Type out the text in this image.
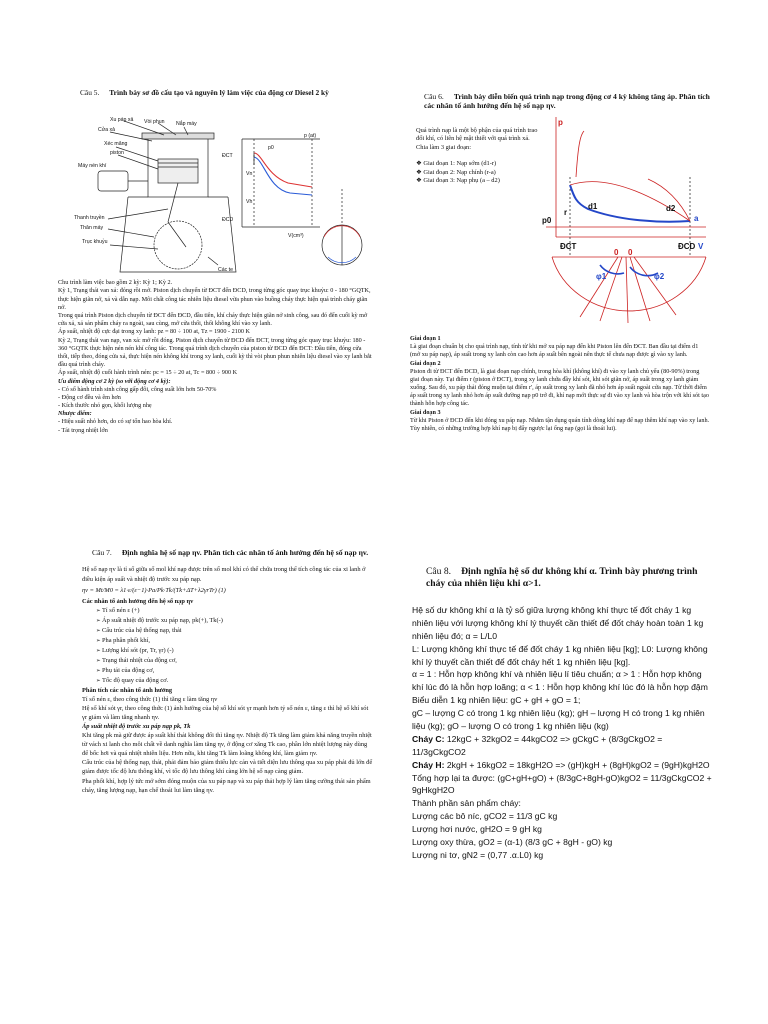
Câu 5. Trình bày sơ đồ cấu tạo và nguyên lý làm việc của động cơ Diesel 2 kỳ
Xu páp xả
Cửa xả
Vòi phun Nắp máy
Xéc măng
piston
Máy nén khí
Thanh truyền
Thân máy
Trục khuỷu
Các te
ĐCT
ĐCD
V(cm³)
p (at)
Vn
Vh
p0

Chu trình làm việc bao gồm 2 kỳ: Kỳ 1; Kỳ 2.

Kỳ 1, Trạng thái van xả: đóng rồi mở. Piston dịch chuyển từ ĐCT đến ĐCD, trong từng góc quay trục khuỷu: 0 - 180 °GQTK, thực hiện giãn nở, xả và dẫn nạp. Môi chất công tác nhiên liệu diesel vừa phun vào buồng cháy thực hiện quá trình cháy giãn nở.

Trong quá trình Piston dịch chuyển từ ĐCT đến ĐCD, đầu tiên, khí cháy thực hiện giãn nở sinh công, sau đó đến cuối kỳ mở cửa xả, xả sản phẩm cháy ra ngoài, sau cùng, mở cửa thổi, thổi không khí vào xy lanh.

Áp suất, nhiệt độ cực đại trong xy lanh: pz = 80 ÷ 100 at, Tz = 1900 - 2100 K

Kỳ 2, Trạng thái van nạp, van xả: mở rồi đóng. Piston dịch chuyển từ ĐCD đến ĐCT, trong từng góc quay trục khuỷu: 180 - 360 °GQTK thực hiện nén nén khí công tác. Trong quá trình dịch chuyển của piston từ ĐCD đến ĐCT: Đầu tiên, đóng cửa thổi, tiếp theo, đóng cửa xả, thực hiện nén không khí trong xy lanh, cuối kỳ thì vòi phun phun nhiên liệu diesel vào xy lanh bắt đầu quá trình cháy.

Áp suất, nhiệt độ cuối hành trình nén: pc = 15 ÷ 20 at, Tc = 800 ÷ 900 K

Ưu điểm động cơ 2 kỳ (so với động cơ 4 kỳ):

- Có số hành trình sinh công gấp đôi, công suất lớn hơn 50-70%

- Động cơ đều và êm hơn

- Kích thước nhỏ gọn, khối lượng nhẹ

Nhược điểm:

- Hiệu suất nhỏ hơn, do có sự tổn hao hòa khí.

- Tải trọng nhiệt lớn

Câu 6. Trình bày diễn biến quá trình nạp trong động cơ 4 kỳ không tăng áp. Phân tích các nhân tố ảnh hưởng đến hệ số nạp ηv.

Quá trình nạp là một bộ phận của quá trình trao đổi khí, có liên hệ mật thiết với quá trình xả. Chia làm 3 giai đoạn:

❖ Giai đoạn 1: Nạp sớm (d1-r)

❖ Giai đoạn 2: Nạp chính (r-a)

❖ Giai đoạn 3: Nạp phụ (a – d2)

p
V
p0
r
d1	d2
a
ĐCT	ĐCD
0 0
φ1	φ2

Giai đoạn 1

Là giai đoạn chuẩn bị cho quá trình nạp, tính từ khi mở xu páp nạp đến khi Piston lên đến ĐCT. Ban đầu tại điểm d1 (mở xu páp nạp), áp suất trong xy lanh còn cao hơn áp suất bên ngoài nên thực tế chưa nạp được gì vào xy lanh.

Giai đoạn 2

Piston đi từ ĐCT đến ĐCD, là giai đoạn nạp chính, trong hòa khí (không khí) đi vào xy lanh chủ yếu (80-90%) trong giai đoạn này. Tại điểm r (piston ở ĐCT), trong xy lanh chứa đầy khí sót, khi sót giãn nở, áp suất trong xy lanh giảm xuống. Sau đó, xu páp thải đóng muộn tại điểm r', áp suất trong xy lanh đã nhỏ hơn áp suất ngoài cửa nạp. Từ thời điểm áp suất trong xy lanh nhỏ hơn áp suất đường nạp p0 trở đi, khí nạp mới thực sự đi vào xy lanh và hòa trộn với khí sót tạo thành hỗn hợp công tác.

Giai đoạn 3

Từ khi Piston ở ĐCD đến khi đóng xu páp nạp. Nhằm tận dụng quán tính dòng khí nạp để nạp thêm khí nạp vào xy lanh. Tùy nhiên, có những trường hợp khí nạp bị đẩy ngược lại ống nạp (gọi là thoái lui).

Câu 7. Định nghĩa hệ số nạp ηv. Phân tích các nhân tố ảnh hưởng đến hệ số nạp ηv.

Hệ số nạp ηv là tỉ số giữa số mol khí nạp được trên số mol khí có thể chứa trong thể tích công tác của xi lanh ở điều kiện áp suất và nhiệt độ trước xu páp nạp.

ηv = Mt/M0 = λ1·ε/(ε−1)·Pa/Pk·Tk/(Tk+ΔT+λ2γrTr) (1)

Các nhân tố ảnh hưởng đến hệ số nạp ηv

➢ Tỉ số nén ε (+)
➢ Áp suất nhiệt độ trước xu páp nạp, pk(+), Tk(-)
➢ Cấu trúc của hệ thống nạp, thải
➢ Pha phân phối khí,
➢ Lượng khí sót (pr, Tr, γr) (-)
➢ Trạng thái nhiệt của động cơ,
➢ Phụ tải của động cơ,
➢ Tốc độ quay của động cơ.

Phân tích các nhân tố ảnh hưởng

Tỉ số nén ε, theo công thức (1) thì tăng ε làm tăng ηv

Hệ số khí sót γr, theo công thức (1) ảnh hưởng của hệ số khí sót γr mạnh hơn tỷ số nén ε, tăng ε thì hệ số khí sót γr giảm và làm tăng nhanh ηv.

Áp suất nhiệt độ trước xu páp nạp pk, Tk

Khi tăng pk mà giữ được áp suất khí thải không đổi thì tăng ηv. Nhiệt độ Tk tăng làm giảm khả năng truyền nhiệt từ vách xi lanh cho môi chất về danh nghĩa làm tăng ηv, ở động cơ xăng Tk cao, phần lớn nhiệt lượng này dùng để bốc hơi và quá nhiệt nhiên liệu. Hơn nữa, khi tăng Tk làm loãng không khí, làm giảm ηv.

Cấu trúc của hệ thống nạp, thải, phải đảm bảo giảm thiểu lực cản và tiết diện lưu thông qua xu páp phải đủ lớn để giảm được tốc độ lưu thông khí, vì tốc độ lưu thông khí càng lớn hệ số nạp càng giảm.

Pha phối khí, hợp lý tức mở sớm đóng muộn của xu páp nạp và xu páp thải hợp lý làm tăng cường thải sản phẩm cháy, tăng lượng nạp, hạn chế thoái lui làm tăng ηv.

Câu 8. Định nghĩa hệ số dư không khí α. Trình bày phương trình cháy của nhiên liệu khi α>1.

Hệ số dư không khí α là tỷ số giữa lượng không khí thực tế đốt cháy 1 kg nhiên liệu với lượng không khí lý thuyết cần thiết để đốt cháy hoàn toàn 1 kg nhiên liệu đó; α = L/L0

L: Lượng không khí thực tế để đốt cháy 1 kg nhiên liệu [kg]; L0: Lượng không khí lý thuyết cần thiết để đốt cháy hết 1 kg nhiên liệu [kg].

α = 1 : Hỗn hợp không khí và nhiên liệu lí tiêu chuẩn; α > 1 : Hỗn hợp không khí lúc đó là hỗn hợp loãng; α < 1 : Hỗn hợp không khí lúc đó là hỗn hợp đậm

Biểu diễn 1 kg nhiên liệu: gC + gH + gO = 1;

gC – lượng C có trong 1 kg nhiên liệu (kg); gH – lượng H có trong 1 kg nhiên liệu (kg); gO – lượng O có trong 1 kg nhiên liệu (kg)

Cháy C: 12kgC + 32kgO2 = 44kgCO2 => gCkgC + (8/3gCkgO2 = 11/3gCkgCO2

Cháy H: 2kgH + 16kgO2 = 18kgH2O => (gH)kgH + (8gH)kgO2 = (9gH)kgH2O

Tổng hợp lại ta được: (gC+gH+gO) + (8/3gC+8gH-gO)kgO2 = 11/3gCkgCO2 + 9gHkgH2O

Thành phần sản phẩm cháy:

Lượng các bô níc, gCO2 = 11/3 gC kg

Lượng hơi nước, gH2O = 9 gH kg

Lượng oxy thừa, gO2 = (α-1) (8/3 gC + 8gH - gO) kg

Lượng ni tơ, gN2 = (0,77 .α.L0) kg
